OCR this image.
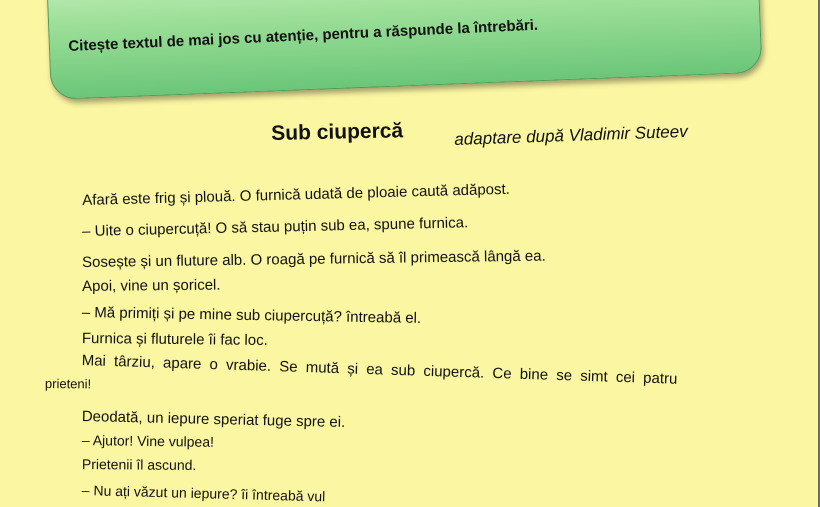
Citește textul de mai jos cu atenție, pentru a răspunde la întrebări.
Sub ciupercă	adaptare după Vladimir Suteev
Afară este frig și plouă. O furnică udată de ploaie caută adăpost.
– Uite o ciupercuță! O să stau puțin sub ea, spune furnica.
Sosește și un fluture alb. O roagă pe furnică să îl primească lângă ea.
Apoi, vine un șoricel.
– Mă primiți și pe mine sub ciupercuță? întreabă el.
Furnica și fluturele îi fac loc.
Mai târziu, apare o vrabie. Se mută și ea sub ciupercă. Ce bine se simt cei patru
prieteni!
Deodată, un iepure speriat fuge spre ei.
– Ajutor! Vine vulpea!
Prietenii îl ascund.
– Nu ați văzut un iepure? îi întreabă vul
